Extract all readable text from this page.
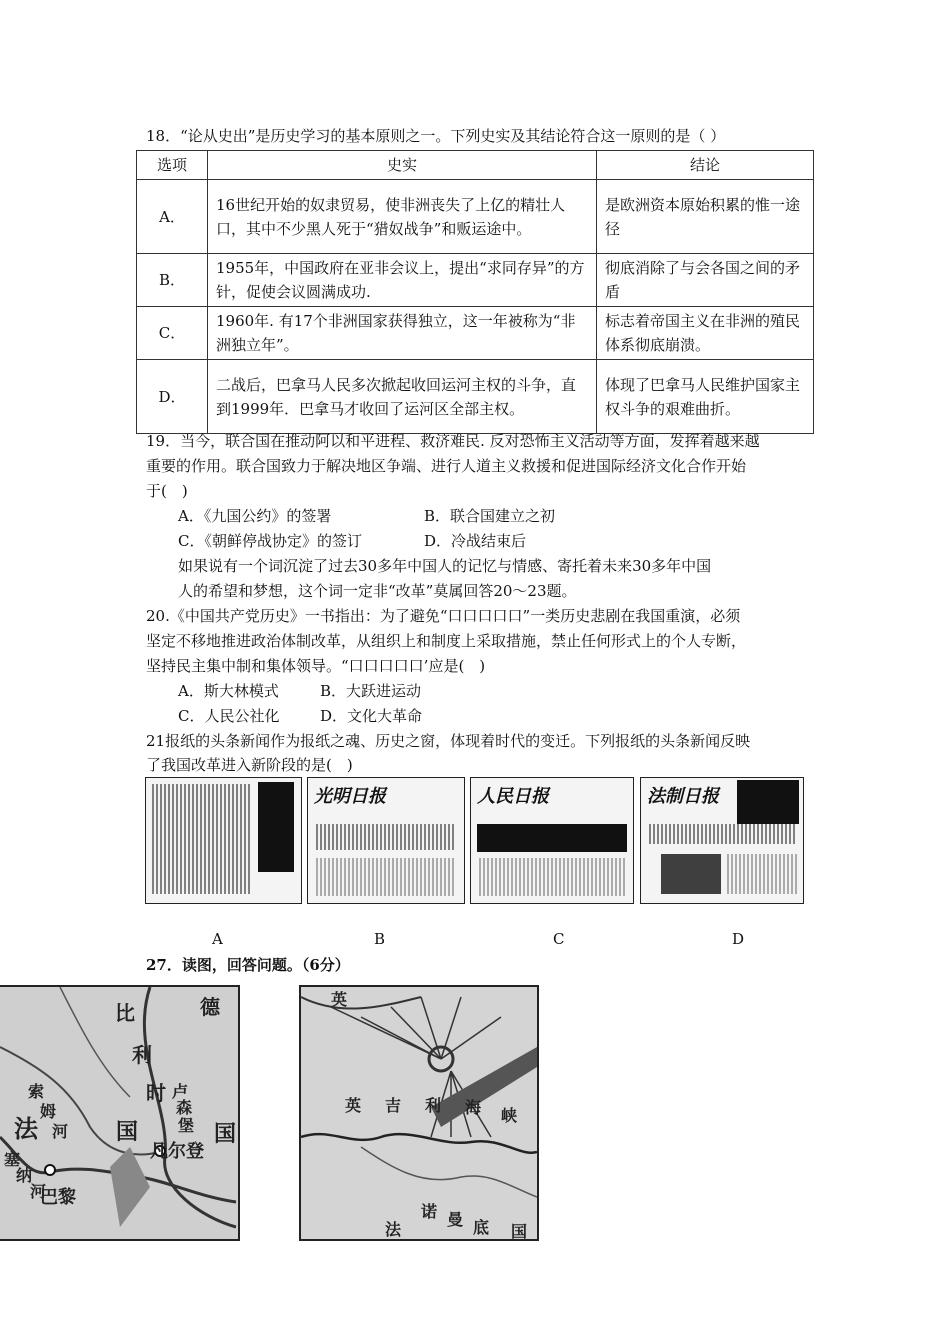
18．“论从史出”是历史学习的基本原则之一。下列史实及其结论符合这一原则的是（ ）
选项	史实	结论
A．	16世纪开始的奴隶贸易，使非洲丧失了上亿的精壮人口，其中不少黑人死于“猎奴战争”和贩运途中。	是欧洲资本原始积累的惟一途径
B．	1955年，中国政府在亚非会议上，提出“求同存异”的方针，促使会议圆满成功.	彻底消除了与会各国之间的矛盾
C．	1960年. 有17个非洲国家获得独立，这一年被称为“非洲独立年”。	标志着帝国主义在非洲的殖民体系彻底崩溃。
D．	二战后，巴拿马人民多次掀起收回运河主权的斗争，直到1999年．巴拿马才收回了运河区全部主权。	体现了巴拿马人民维护国家主权斗争的艰难曲折。
19．当今，联合国在推动阿以和平进程、救济难民. 反对恐怖主义活动等方面，发挥着越来越
重要的作用。联合国致力于解决地区争端、进行人道主义救援和促进国际经济文化合作开始
于(　)
A．《九国公约》的签署	B．联合国建立之初
C．《朝鲜停战协定》的签订	D．冷战结束后
如果说有一个词沉淀了过去30多年中国人的记忆与情感、寄托着未来30多年中国
人的希望和梦想，这个词一定非“改革”莫属回答20～23题。
20.《中国共产党历史》一书指出：为了避免“口口口口口”一类历史悲剧在我国重演，必须
坚定不移地推进政治体制改革，从组织上和制度上采取措施，禁止任何形式上的个人专断，
坚持民主集中制和集体领导。“口口口口口’应是(　)
A．斯大林模式	B．大跃进运动
C．人民公社化	D．文化大革命
21报纸的头条新闻作为报纸之魂、历史之窗，体现着时代的变迁。下列报纸的头条新闻反映
了我国改革进入新阶段的是(　)
光明日报	人民日报	法制日报
A	B	C	D
27．读图，回答问题。（6分）
德
比
利
时 卢
森
堡
索
姆
河
法	国	国
凡尔登
塞
纳
河
巴黎
英
英 吉 利 海 峡
诺 曼 底
法	国
